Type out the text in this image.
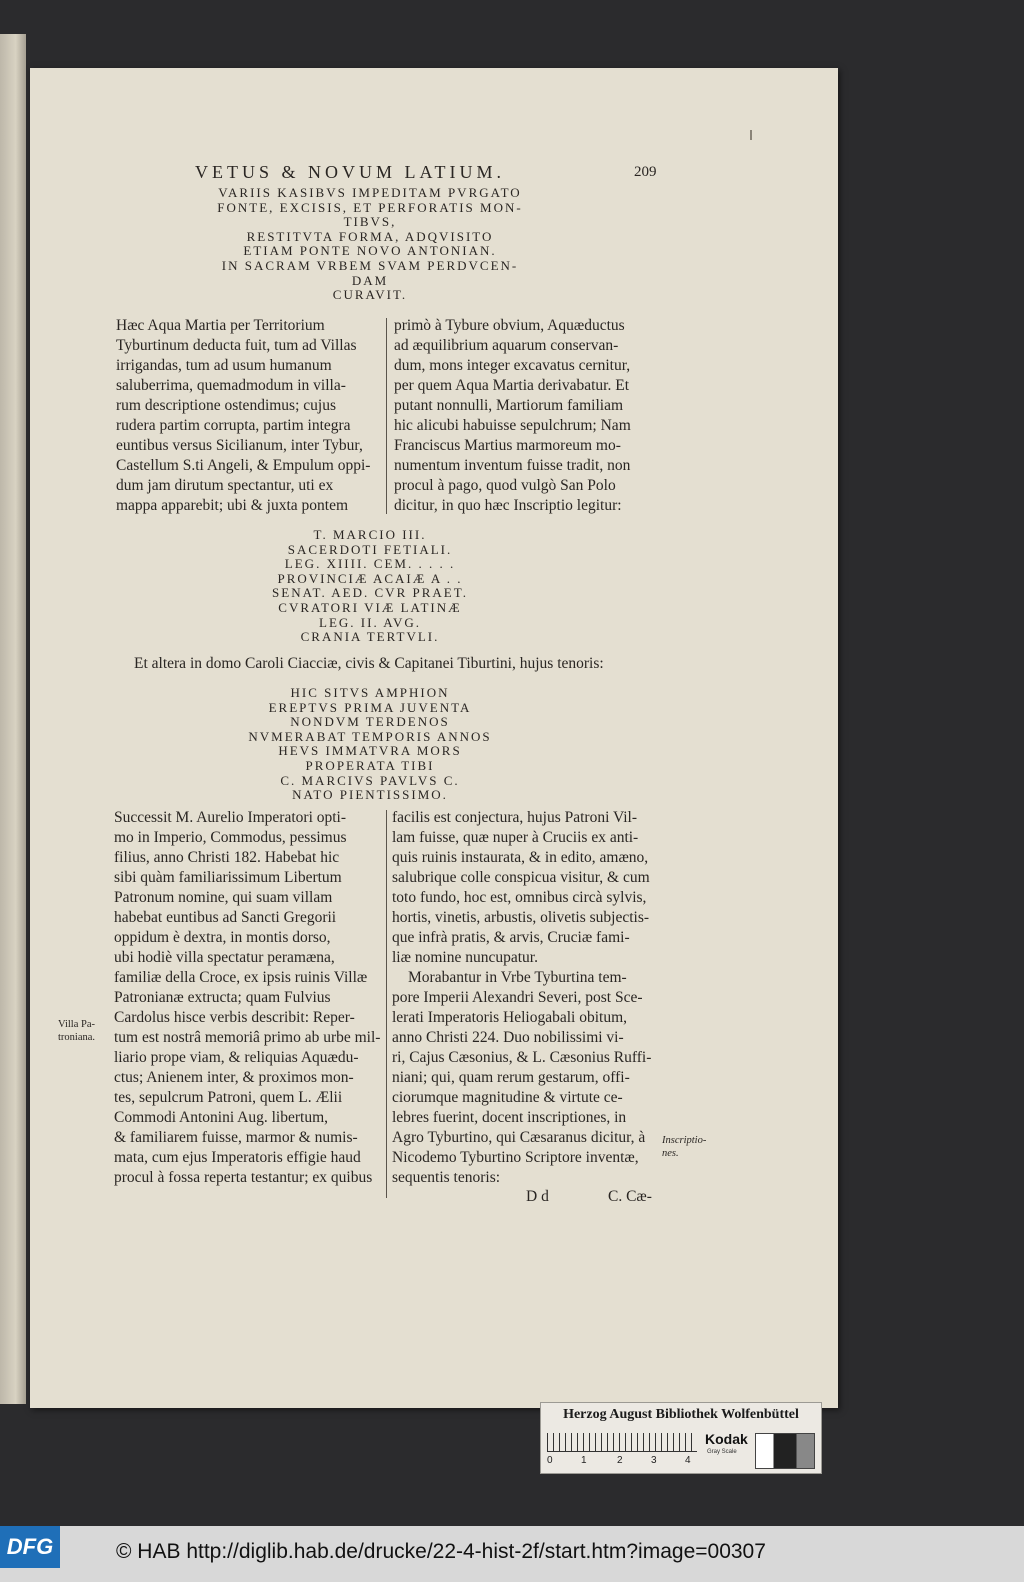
VETUS & NOVUM LATIUM.	209
VARIIS KASIBVS IMPEDITAM PVRGATO
FONTE, EXCISIS, ET PERFORATIS MON-
TIBVS,
RESTITVTA FORMA, ADQVISITO
ETIAM PONTE NOVO ANTONIAN.
IN SACRAM VRBEM SVAM PERDVCEN-
DAM
CURAVIT.
Hæc Aqua Martia per Territorium
Tyburtinum deducta fuit, tum ad Villas
irrigandas, tum ad usum humanum
saluberrima, quemadmodum in villa-
rum descriptione ostendimus; cujus
rudera partim corrupta, partim integra
euntibus versus Sicilianum, inter Tybur,
Castellum S.ti Angeli, & Empulum oppi-
dum jam dirutum spectantur, uti ex
mappa apparebit; ubi & juxta pontem
primò à Tybure obvium, Aquæductus
ad æquilibrium aquarum conservan-
dum, mons integer excavatus cernitur,
per quem Aqua Martia derivabatur. Et
putant nonnulli, Martiorum familiam
hic alicubi habuisse sepulchrum; Nam
Franciscus Martius marmoreum mo-
numentum inventum fuisse tradit, non
procul à pago, quod vulgò San Polo
dicitur, in quo hæc Inscriptio legitur:
T. MARCIO III.
SACERDOTI FETIALI.
LEG. XIIII. CEM. . . . .
PROVINCIÆ ACAIÆ A . .
SENAT. AED. CVR PRAET.
CVRATORI VIÆ LATINÆ
LEG. II. AVG.
CRANIA TERTVLI.
Et altera in domo Caroli Ciacciæ, civis & Capitanei Tiburtini, hujus tenoris:
HIC SITVS AMPHION
EREPTVS PRIMA JUVENTA
NONDVM TERDENOS
NVMERABAT TEMPORIS ANNOS
HEVS IMMATVRA MORS
PROPERATA TIBI
C. MARCIVS PAVLVS C.
NATO PIENTISSIMO.
Villa Pa-
troniana.
Successit M. Aurelio Imperatori opti-
mo in Imperio, Commodus, pessimus
filius, anno Christi 182. Habebat hic
sibi quàm familiarissimum Libertum
Patronum nomine, qui suam villam
habebat euntibus ad Sancti Gregorii
oppidum è dextra, in montis dorso,
ubi hodiè villa spectatur peramæna,
familiæ della Croce, ex ipsis ruinis Villæ
Patronianæ extructa; quam Fulvius
Cardolus hisce verbis describit: Reper-
tum est nostrâ memoriâ primo ab urbe mil-
liario prope viam, & reliquias Aquædu-
ctus; Anienem inter, & proximos mon-
tes, sepulcrum Patroni, quem L. Ælii
Commodi Antonini Aug. libertum,
& familiarem fuisse, marmor & numis-
mata, cum ejus Imperatoris effigie haud
procul à fossa reperta testantur; ex quibus
facilis est conjectura, hujus Patroni Vil-
lam fuisse, quæ nuper à Cruciis ex anti-
quis ruinis instaurata, & in edito, amæno,
salubrique colle conspicua visitur, & cum
toto fundo, hoc est, omnibus circà sylvis,
hortis, vinetis, arbustis, olivetis subjectis-
que infrà pratis, & arvis, Cruciæ fami-
liæ nomine nuncupatur.
Morabantur in Vrbe Tyburtina tem-
pore Imperii Alexandri Severi, post Sce-
lerati Imperatoris Heliogabali obitum,
anno Christi 224. Duo nobilissimi vi-
ri, Cajus Cæsonius, & L. Cæsonius Ruffi-
niani; qui, quam rerum gestarum, offi-
ciorumque magnitudine & virtute ce-
lebres fuerint, docent inscriptiones, in
Agro Tyburtino, qui Cæsaranus dicitur, à
Nicodemo Tyburtino Scriptore inventæ,
sequentis tenoris:
Inscriptio-
nes.
D d	C. Cæ-
Herzog August Bibliothek Wolfenbüttel
0	1	2	3	4
Kodak
Gray Scale
DFG	© HAB http://diglib.hab.de/drucke/22-4-hist-2f/start.htm?image=00307
